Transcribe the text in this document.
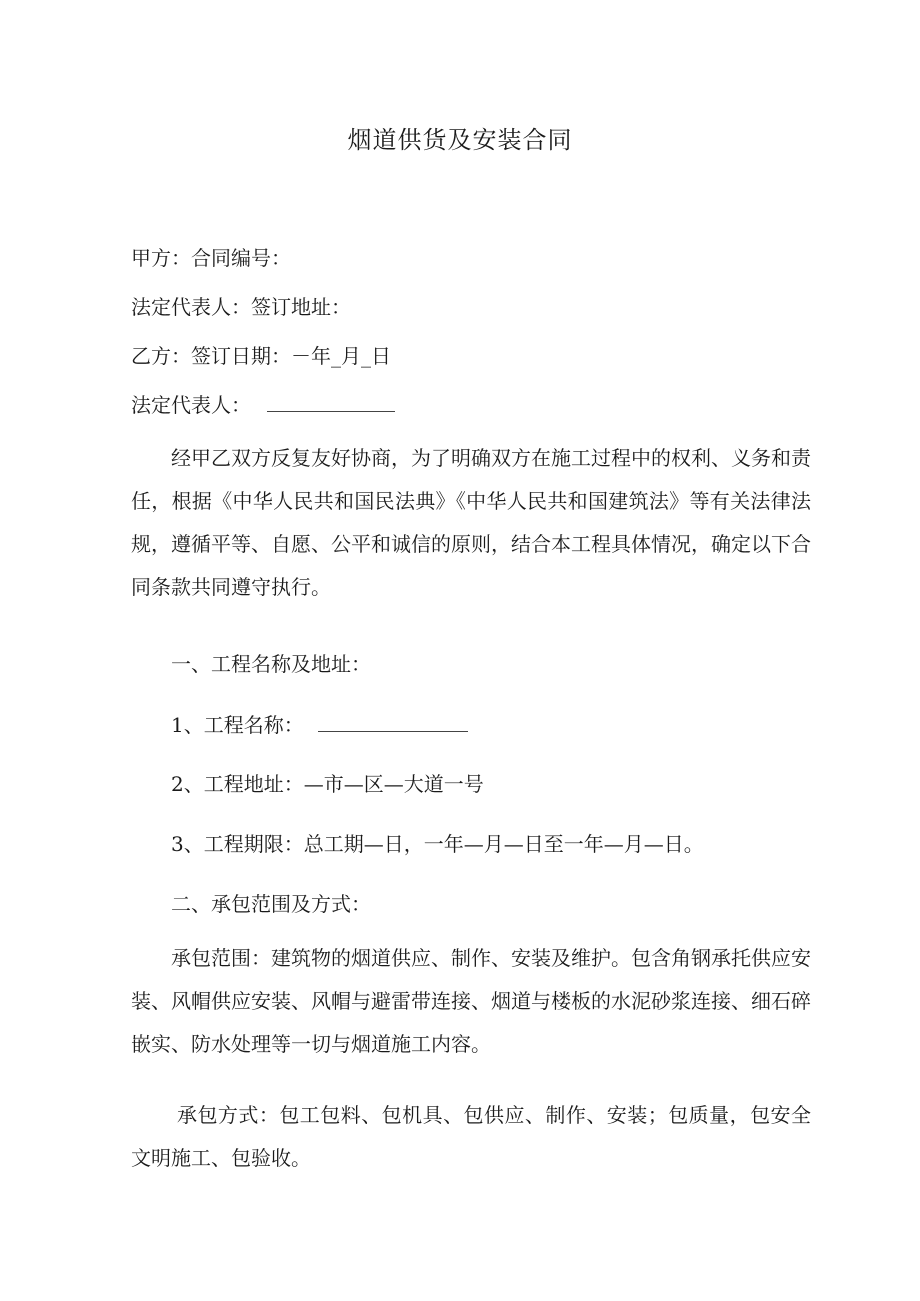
烟道供货及安装合同
甲方：合同编号：
法定代表人：签订地址：
乙方：签订日期：－年_月_日
法定代表人：
经甲乙双方反复友好协商，为了明确双方在施工过程中的权利、义务和责任，根据《中华人民共和国民法典》《中华人民共和国建筑法》等有关法律法规，遵循平等、自愿、公平和诚信的原则，结合本工程具体情况，确定以下合同条款共同遵守执行。
一、工程名称及地址：
1、工程名称：
2、工程地址：—市—区—大道一号
3、工程期限：总工期—日，一年—月—日至一年—月—日。
二、承包范围及方式：
承包范围：建筑物的烟道供应、制作、安装及维护。包含角钢承托供应安装、风帽供应安装、风帽与避雷带连接、烟道与楼板的水泥砂浆连接、细石碎嵌实、防水处理等一切与烟道施工内容。
承包方式：包工包料、包机具、包供应、制作、安装；包质量，包安全文明施工、包验收。
